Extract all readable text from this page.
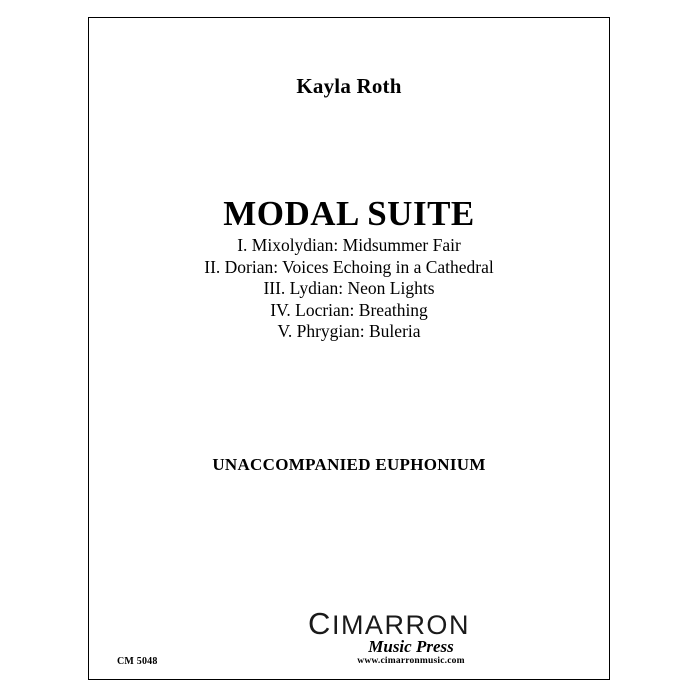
Kayla Roth
MODAL SUITE
I. Mixolydian: Midsummer Fair
II. Dorian: Voices Echoing in a Cathedral
III. Lydian: Neon Lights
IV. Locrian: Breathing
V. Phrygian: Buleria
UNACCOMPANIED EUPHONIUM
CIMARRON
Music Press
www.cimarronmusic.com
CM 5048
